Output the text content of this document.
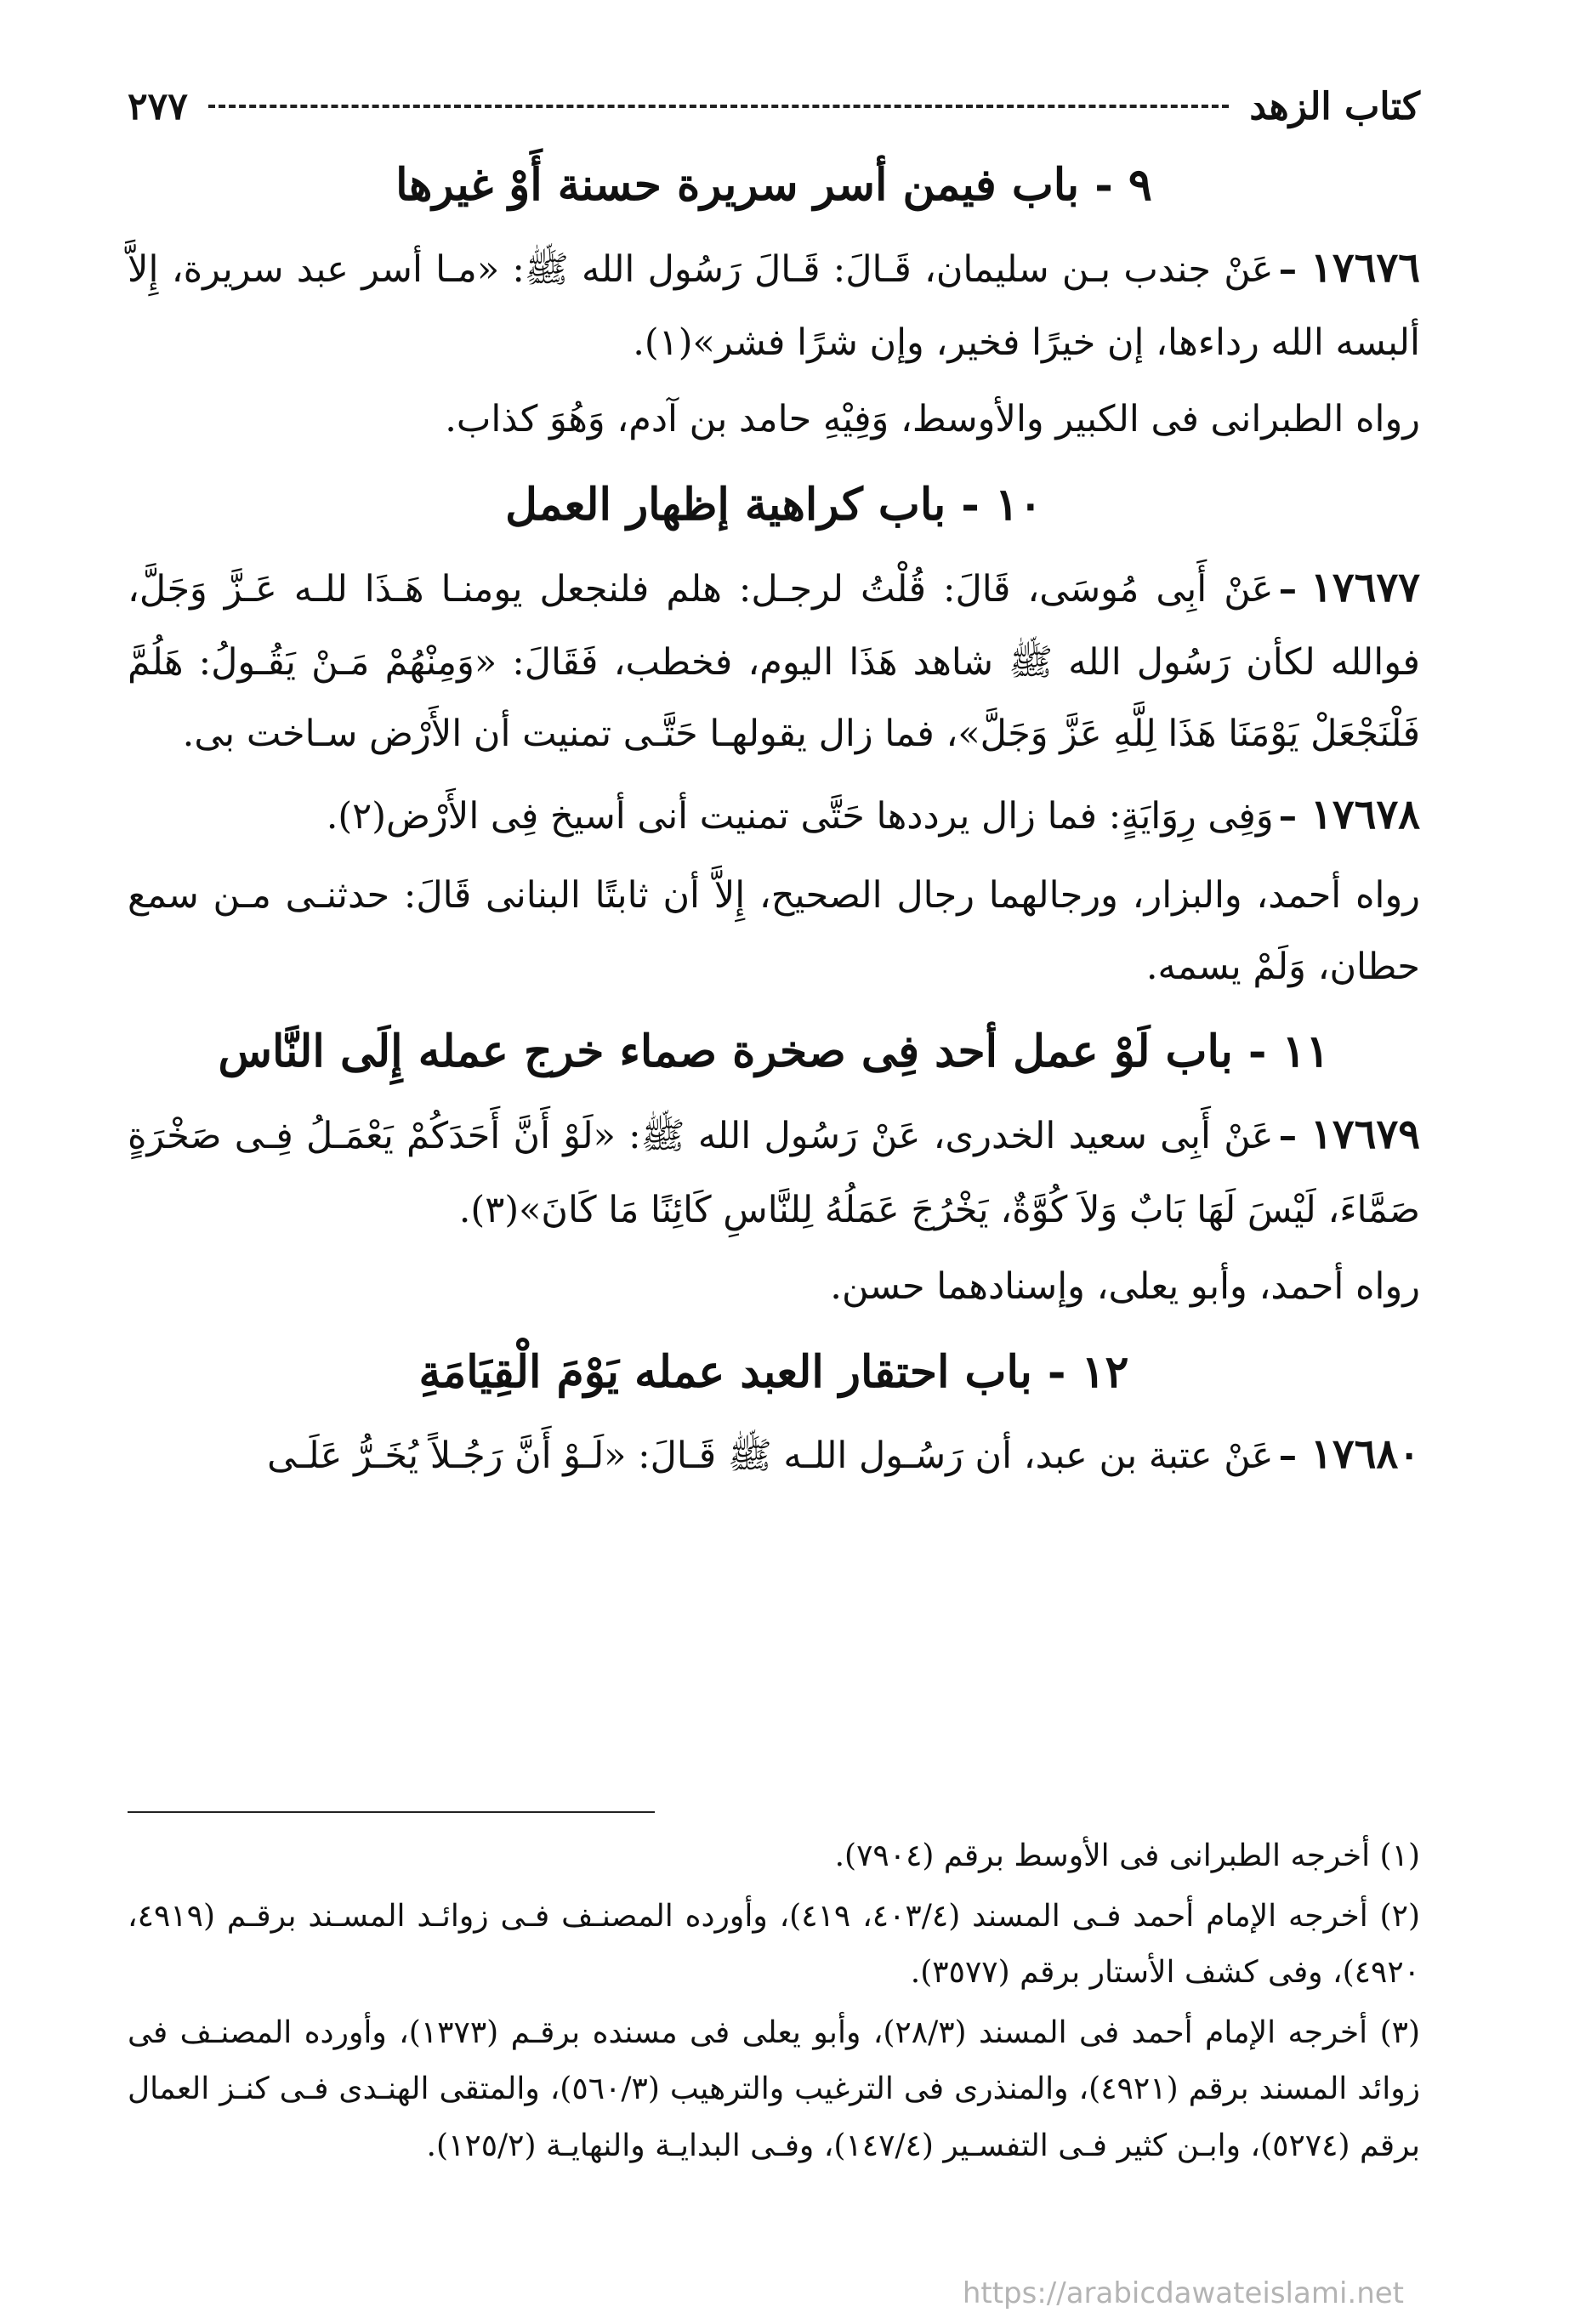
كتاب الزهد
٢٧٧
٩ - باب فيمن أسر سريرة حسنة أَوْ غيرها

١٧٦٧٦–عَنْ جندب بـن سليمان، قَـالَ: قَـالَ رَسُول الله ﷺ: «مـا أسر عبد سريرة، إِلاَّ ألبسه الله رداءها، إن خيرًا فخير، وإن شرًا فشر»(١).

رواه الطبرانى فى الكبير والأوسط، وَفِيْهِ حامد بن آدم، وَهُوَ كذاب.

١٠ - باب كراهية إظهار العمل

١٧٦٧٧–عَنْ أَبِى مُوسَى، قَالَ: قُلْتُ لرجـل: هلم فلنجعل يومنـا هَـذَا للـه عَـزَّ وَجَلَّ، فوالله لكأن رَسُول الله ﷺ شاهد هَذَا اليوم، فخطب، فَقَالَ: «وَمِنْهُمْ مَـنْ يَقُـولُ: هَلُمَّ فَلْنَجْعَلْ يَوْمَنَا هَذَا لِلَّهِ عَزَّ وَجَلَّ»، فما زال يقولهـا حَتَّـى تمنيت أن الأَرْض سـاخت بى.

١٧٦٧٨–وَفِى رِوَايَةٍ: فما زال يرددها حَتَّى تمنيت أنى أسيخ فِى الأَرْض(٢).

رواه أحمد، والبزار، ورجالهما رجال الصحيح، إِلاَّ أن ثابتًا البنانى قَالَ: حدثنـى مـن سمع حطان، وَلَمْ يسمه.

١١ - باب لَوْ عمل أحد فِى صخرة صماء خرج عمله إِلَى النَّاس

١٧٦٧٩–عَنْ أَبِى سعيد الخدرى، عَنْ رَسُول الله ﷺ: «لَوْ أَنَّ أَحَدَكُمْ يَعْمَـلُ فِـى صَخْرَةٍ صَمَّاءَ، لَيْسَ لَهَا بَابٌ وَلاَ كُوَّةٌ، يَخْرُجَ عَمَلُهُ لِلنَّاسِ كَائِنًا مَا كَانَ»(٣).

رواه أحمد، وأبو يعلى، وإسنادهما حسن.

١٢ - باب احتقار العبد عمله يَوْمَ الْقِيَامَةِ

١٧٦٨٠–عَنْ عتبة بن عبد، أن رَسُـول اللـه ﷺ قَـالَ: «لَـوْ أَنَّ رَجُـلاً يُخَـرُّ عَلَـى

(١) أخرجه الطبرانى فى الأوسط برقم (٧٩٠٤).

(٢) أخرجه الإمام أحمد فـى المسند (٤٠٣/٤، ٤١٩)، وأورده المصنـف فـى زوائـد المسـند برقـم (٤٩١٩، ٤٩٢٠)، وفى كشف الأستار برقم (٣٥٧٧).

(٣) أخرجه الإمام أحمد فى المسند (٢٨/٣)، وأبو يعلى فى مسنده برقـم (١٣٧٣)، وأورده المصنـف فى زوائد المسند برقم (٤٩٢١)، والمنذرى فى الترغيب والترهيب (٥٦٠/٣)، والمتقى الهنـدى فـى كنـز العمال برقم (٥٢٧٤)، وابـن كثير فـى التفسـير (١٤٧/٤)، وفـى البدايـة والنهايـة (١٢٥/٢).

https://arabicdawateislami.net
